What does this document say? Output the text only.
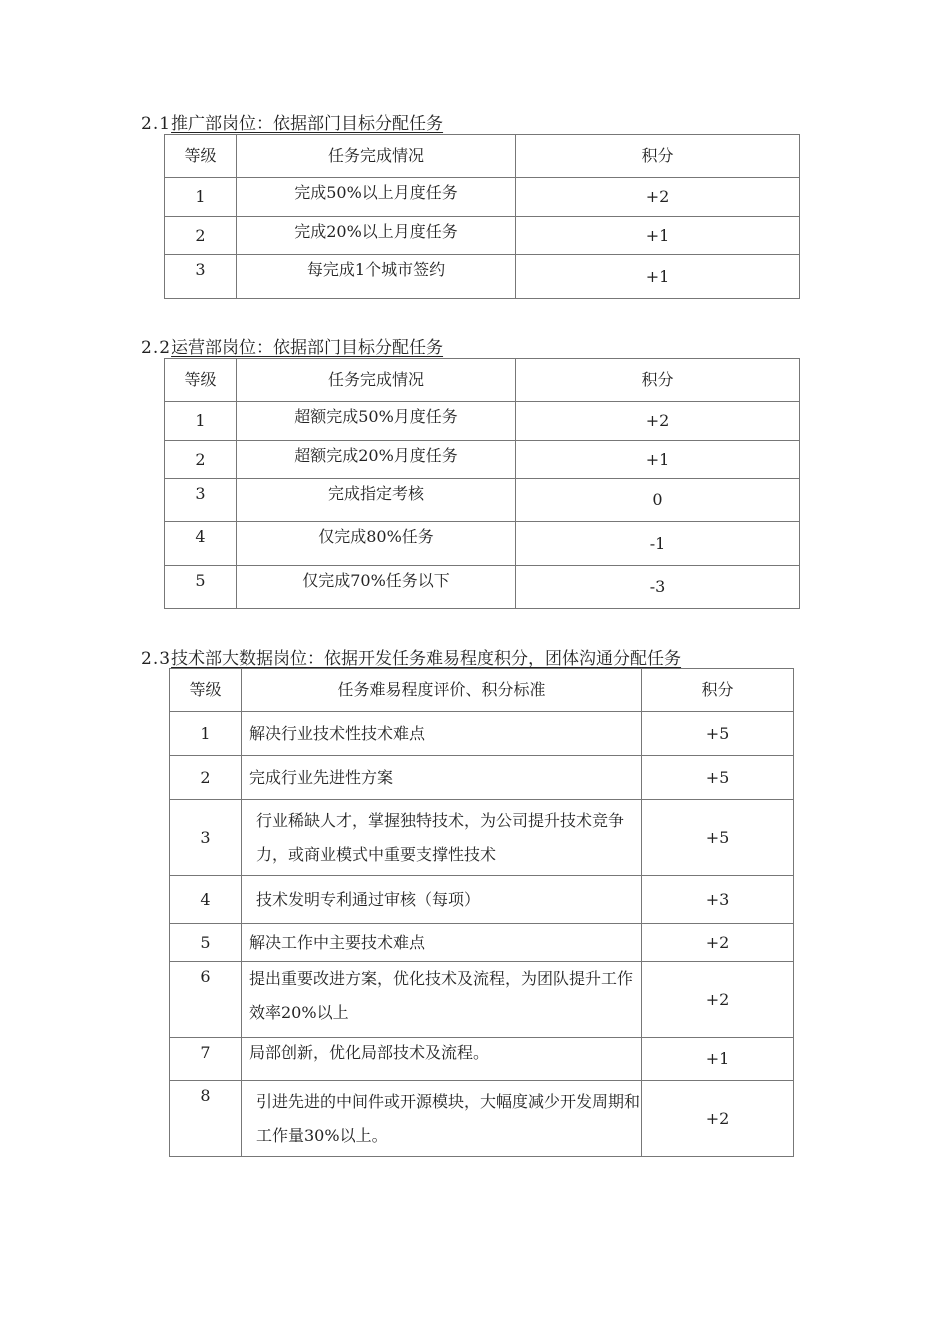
2.1推广部岗位：依据部门目标分配任务
等级	任务完成情况	积分
1	完成50%以上月度任务	+2
2	完成20%以上月度任务	+1
3	每完成1个城市签约	+1
2.2运营部岗位：依据部门目标分配任务
等级	任务完成情况	积分
1	超额完成50%月度任务	+2
2	超额完成20%月度任务	+1
3	完成指定考核	0
4	仅完成80%任务	-1
5	仅完成70%任务以下	-3
2.3技术部大数据岗位：依据开发任务难易程度积分，团体沟通分配任务
等级	任务难易程度评价、积分标准	积分
1	解决行业技术性技术难点	+5
2	完成行业先进性方案	+5
3	行业稀缺人才，掌握独特技术，为公司提升技术竞争力，或商业模式中重要支撑性技术	+5
4	技术发明专利通过审核（每项）	+3
5	解决工作中主要技术难点	+2
6	提出重要改进方案，优化技术及流程，为团队提升工作效率20%以上	+2
7	局部创新，优化局部技术及流程。	+1
8	引进先进的中间件或开源模块，大幅度减少开发周期和工作量30%以上。	+2
